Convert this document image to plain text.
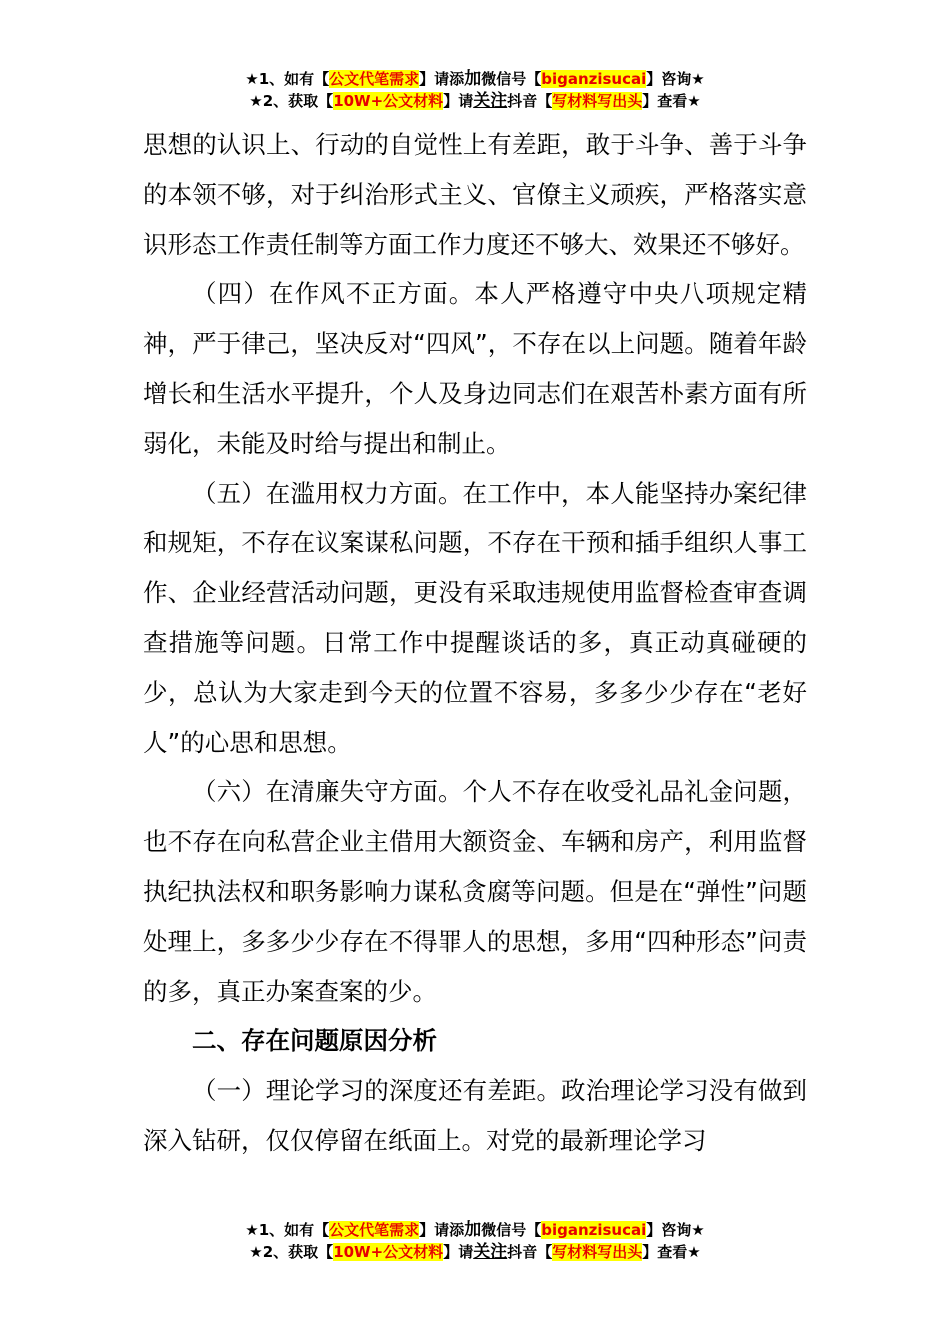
★1、如有【公文代笔需求】请添加微信号【biganzisucai】咨询★
★2、获取【10W+公文材料】请关注抖音【写材料写出头】查看★

思想的认识上、行动的自觉性上有差距，敢于斗争、善于斗争的本领不够，对于纠治形式主义、官僚主义顽疾，严格落实意识形态工作责任制等方面工作力度还不够大、效果还不够好。

（四）在作风不正方面。本人严格遵守中央八项规定精神，严于律己，坚决反对“四风”，不存在以上问题。随着年龄增长和生活水平提升，个人及身边同志们在艰苦朴素方面有所弱化，未能及时给与提出和制止。

（五）在滥用权力方面。在工作中，本人能坚持办案纪律和规矩，不存在议案谋私问题，不存在干预和插手组织人事工作、企业经营活动问题，更没有采取违规使用监督检查审查调查措施等问题。日常工作中提醒谈话的多，真正动真碰硬的少，总认为大家走到今天的位置不容易，多多少少存在“老好人”的心思和思想。

（六）在清廉失守方面。个人不存在收受礼品礼金问题，也不存在向私营企业主借用大额资金、车辆和房产，利用监督执纪执法权和职务影响力谋私贪腐等问题。但是在“弹性”问题处理上，多多少少存在不得罪人的思想，多用“四种形态”问责的多，真正办案查案的少。

二、存在问题原因分析

（一）理论学习的深度还有差距。政治理论学习没有做到深入钻研，仅仅停留在纸面上。对党的最新理论学习

★1、如有【公文代笔需求】请添加微信号【biganzisucai】咨询★
★2、获取【10W+公文材料】请关注抖音【写材料写出头】查看★
